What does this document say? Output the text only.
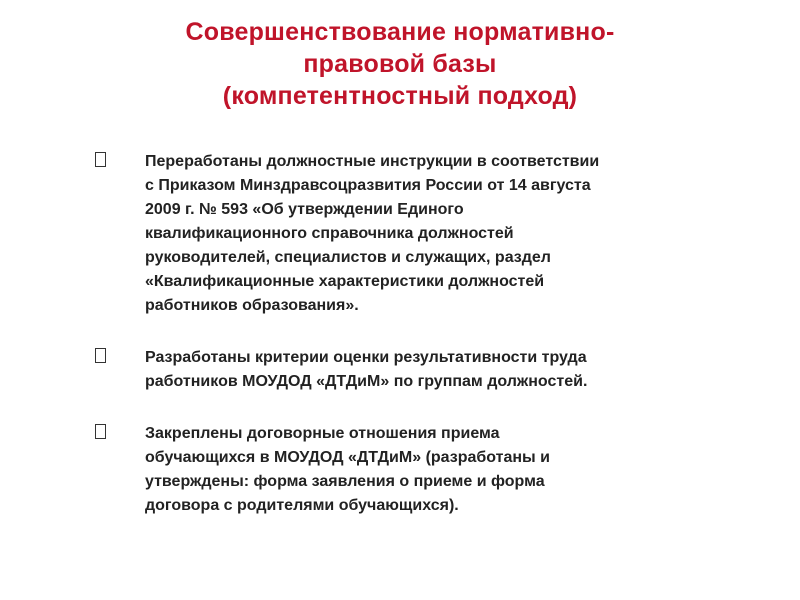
Совершенствование нормативно-
правовой базы
(компетентностный подход)
Переработаны должностные инструкции в соответствии
с Приказом Минздравсоцразвития России от 14 августа
2009 г. № 593 «Об утверждении Единого
квалификационного справочника должностей
руководителей, специалистов и служащих, раздел
«Квалификационные характеристики должностей
работников образования».
Разработаны критерии оценки результативности труда
работников МОУДОД «ДТДиМ» по группам должностей.
Закреплены договорные отношения приема
обучающихся в МОУДОД «ДТДиМ» (разработаны и
утверждены: форма заявления о приеме и форма
договора с родителями обучающихся).
